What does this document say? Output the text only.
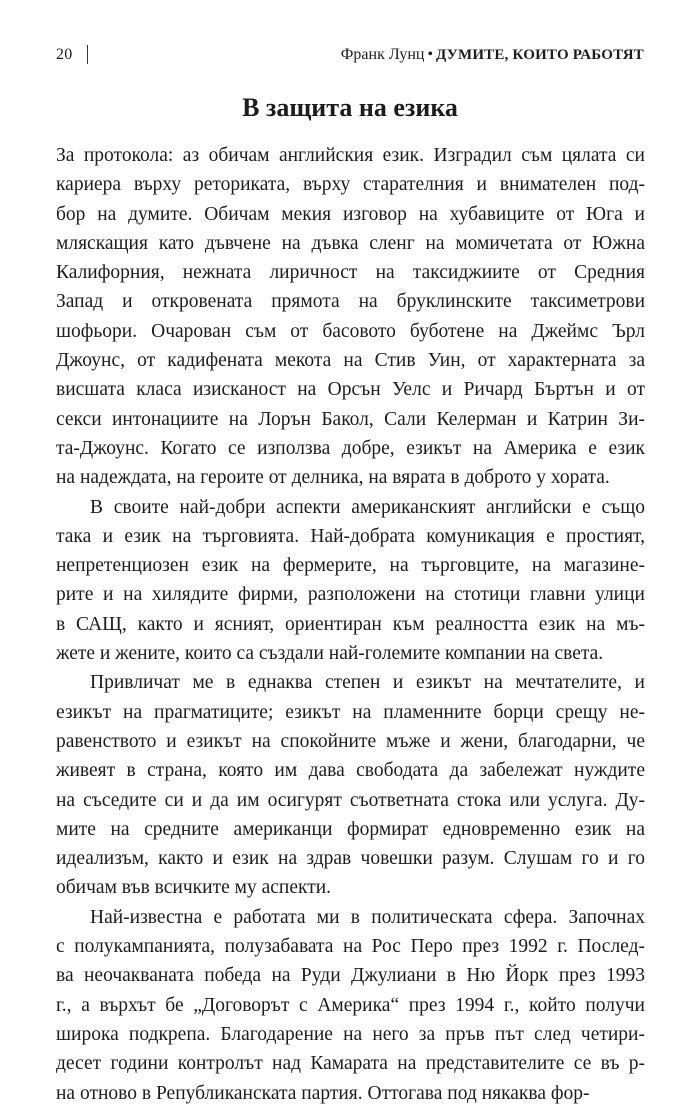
20	Франк Лунц • ДУМИТЕ, КОИТО РАБОТЯТ
В защита на езика
За протокола: аз обичам английския език. Изградил съм цялата си
кариера върху реториката, върху старателния и внимателен под-
бор на думите. Обичам мекия изговор на хубавиците от Юга и
мляскащия като дъвчене на дъвка сленг на момичетата от Южна
Калифорния, нежната лиричност на таксиджиите от Средния
Запад и откровената прямота на бруклинските таксиметрови
шофьори. Очарован съм от басовото буботене на Джеймс Ърл
Джоунс, от кадифената мекота на Стив Уин, от характерната за
висшата класа изисканост на Орсън Уелс и Ричард Бъртън и от
секси интонациите на Лорън Бакол, Сали Келерман и Катрин Зи-
та-Джоунс. Когато се използва добре, езикът на Америка е език
на надеждата, на героите от делника, на вярата в доброто у хората.
В своите най-добри аспекти американският английски е също
така и език на търговията. Най-добрата комуникация е простият,
непретенциозен език на фермерите, на търговците, на магазине-
рите и на хилядите фирми, разположени на стотици главни улици
в САЩ, както и ясният, ориентиран към реалността език на мъ-
жете и жените, които са създали най-големите компании на света.
Привличат ме в еднаква степен и езикът на мечтателите, и
езикът на прагматиците; езикът на пламенните борци срещу не-
равенството и езикът на спокойните мъже и жени, благодарни, че
живеят в страна, която им дава свободата да забележат нуждите
на съседите си и да им осигурят съответната стока или услуга. Ду-
мите на средните американци формират едновременно език на
идеализъм, както и език на здрав човешки разум. Слушам го и го
обичам във всичките му аспекти.
Най-известна е работата ми в политическата сфера. Започнах
с полукампанията, полузабавата на Рос Перо през 1992 г. Послед-
ва неочакваната победа на Руди Джулиани в Ню Йорк през 1993
г., а върхът бе „Договорът с Америка“ през 1994 г., който получи
широка подкрепа. Благодарение на него за пръв път след четири-
десет години контролът над Камарата на представителите се въ р-
на отново в Републиканската партия. Оттогава под някаква фор-
